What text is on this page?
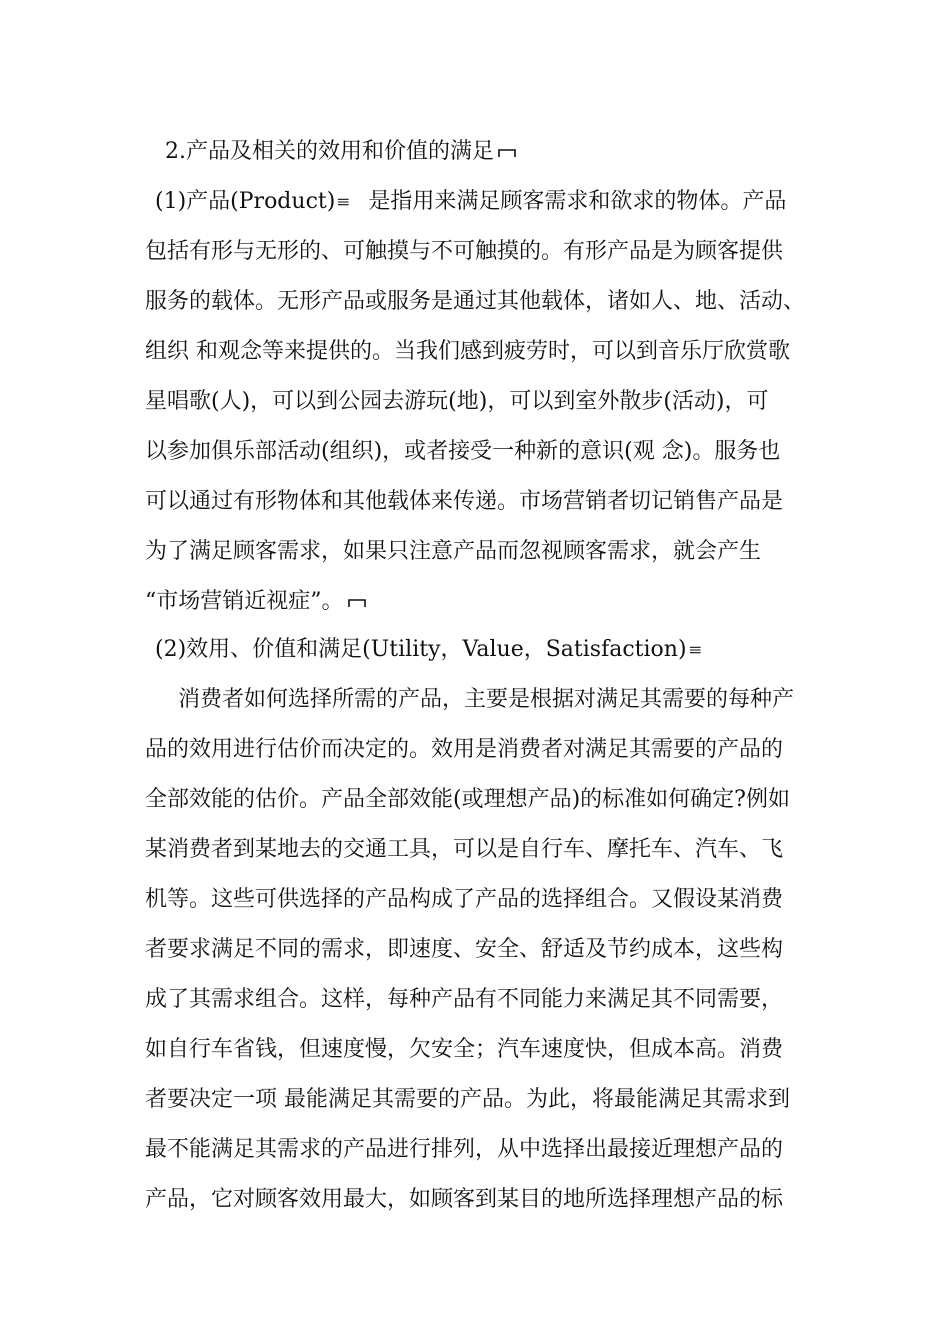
2.产品及相关的效用和价值的满足
(1)产品(Product) 是指用来满足顾客需求和欲求的物体。产品
包括有形与无形的、可触摸与不可触摸的。有形产品是为顾客提供
服务的载体。无形产品或服务是通过其他载体，诸如人、地、活动、
组织 和观念等来提供的。当我们感到疲劳时，可以到音乐厅欣赏歌
星唱歌(人)，可以到公园去游玩(地)，可以到室外散步(活动)，可
以参加俱乐部活动(组织)，或者接受一种新的意识(观 念)。服务也
可以通过有形物体和其他载体来传递。市场营销者切记销售产品是
为了满足顾客需求，如果只注意产品而忽视顾客需求，就会产生
“市场营销近视症”。
(2)效用、价值和满足(Utility，Value，Satisfaction)
消费者如何选择所需的产品，主要是根据对满足其需要的每种产
品的效用进行估价而决定的。效用是消费者对满足其需要的产品的
全部效能的估价。产品全部效能(或理想产品)的标准如何确定?例如
某消费者到某地去的交通工具，可以是自行车、摩托车、汽车、飞
机等。这些可供选择的产品构成了产品的选择组合。又假设某消费
者要求满足不同的需求，即速度、安全、舒适及节约成本，这些构
成了其需求组合。这样，每种产品有不同能力来满足其不同需要，
如自行车省钱，但速度慢，欠安全；汽车速度快，但成本高。消费
者要决定一项 最能满足其需要的产品。为此，将最能满足其需求到
最不能满足其需求的产品进行排列，从中选择出最接近理想产品的
产品，它对顾客效用最大，如顾客到某目的地所选择理想产品的标
